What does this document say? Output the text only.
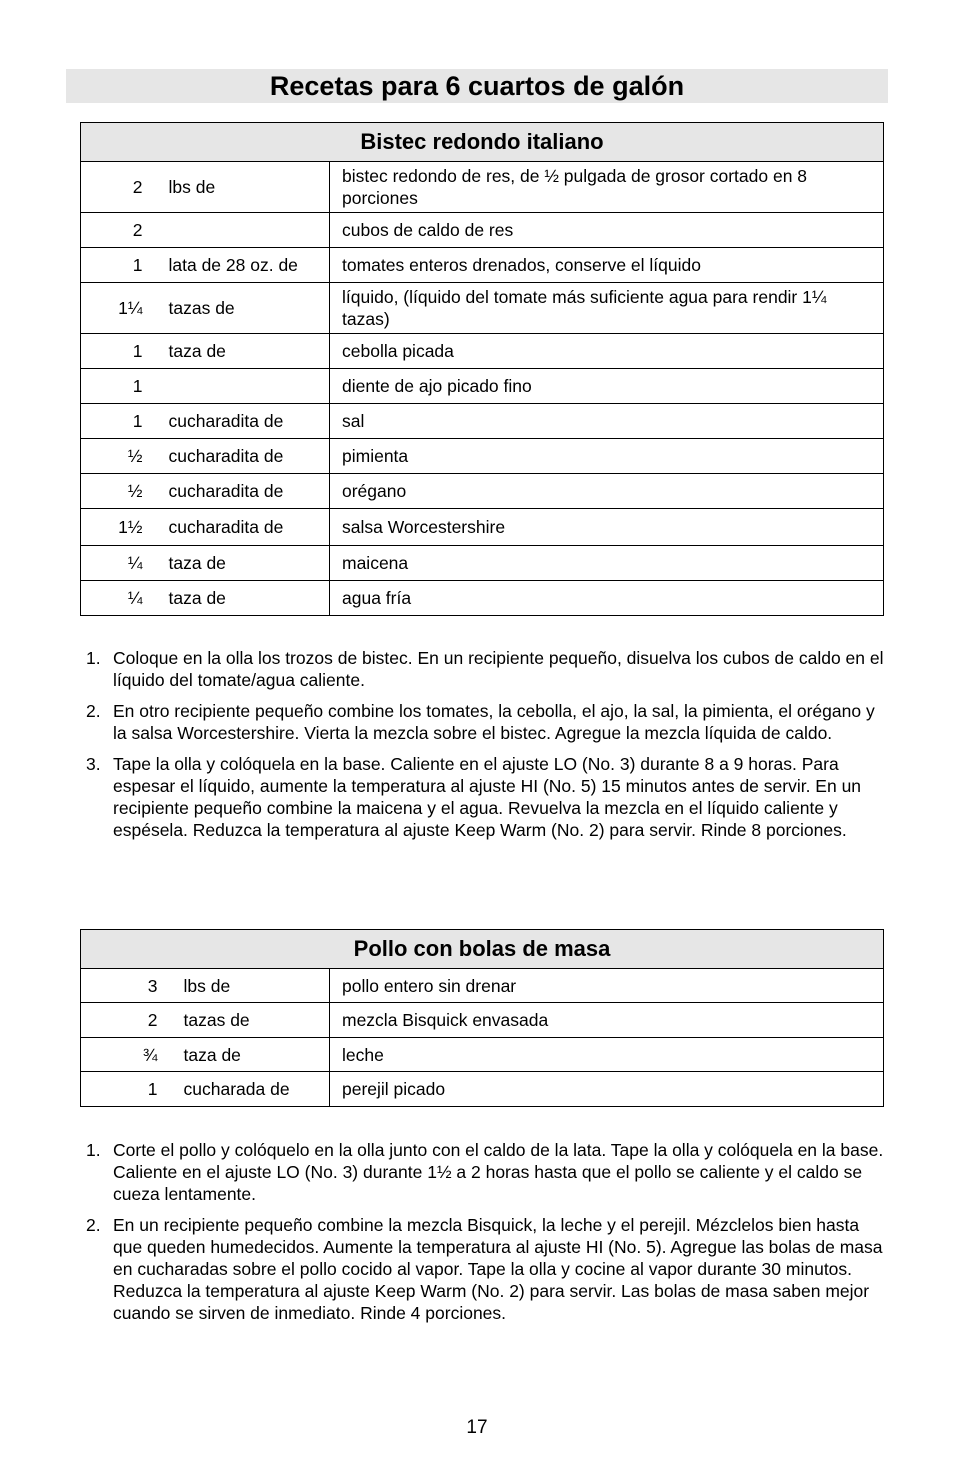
Recetas para 6 cuartos de galón
Bistec redondo italiano		
2	lbs de	bistec redondo de res, de ½ pulgada de grosor cortado en 8 porciones
2		cubos de caldo de res
1	lata de 28 oz. de	tomates enteros drenados, conserve el líquido
1¼	tazas de	líquido, (líquido del tomate más suficiente agua para rendir 1¼ tazas)
1	taza de	cebolla picada
1		diente de ajo picado fino
1	cucharadita de	sal
½	cucharadita de	pimienta
½	cucharadita de	orégano
1½	cucharadita de	salsa Worcestershire
¼	taza de	maicena
¼	taza de	agua fría
1. Coloque en la olla los trozos de bistec. En un recipiente pequeño, disuelva los cubos de caldo en el líquido del tomate/agua caliente.
2. En otro recipiente pequeño combine los tomates, la cebolla, el ajo, la sal, la pimienta, el orégano y la salsa Worcestershire. Vierta la mezcla sobre el bistec. Agregue la mezcla líquida de caldo.
3. Tape la olla y colóquela en la base. Caliente en el ajuste LO (No. 3) durante 8 a 9 horas. Para espesar el líquido, aumente la temperatura al ajuste HI (No. 5) 15 minutos antes de servir. En un recipiente pequeño combine la maicena y el agua. Revuelva la mezcla en el líquido caliente y espésela. Reduzca la temperatura al ajuste Keep Warm (No. 2) para servir. Rinde 8 porciones.
Pollo con bolas de masa		
3	lbs de	pollo entero sin drenar
2	tazas de	mezcla Bisquick envasada
¾	taza de	leche
1	cucharada de	perejil picado
1. Corte el pollo y colóquelo en la olla junto con el caldo de la lata. Tape la olla y colóquela en la base. Caliente en el ajuste LO (No. 3) durante 1½ a 2 horas hasta que el pollo se caliente y el caldo se cueza lentamente.
2. En un recipiente pequeño combine la mezcla Bisquick, la leche y el perejil. Mézclelos bien hasta que queden humedecidos. Aumente la temperatura al ajuste HI (No. 5). Agregue las bolas de masa en cucharadas sobre el pollo cocido al vapor. Tape la olla y cocine al vapor durante 30 minutos. Reduzca la temperatura al ajuste Keep Warm (No. 2) para servir. Las bolas de masa saben mejor cuando se sirven de inmediato. Rinde 4 porciones.
17
